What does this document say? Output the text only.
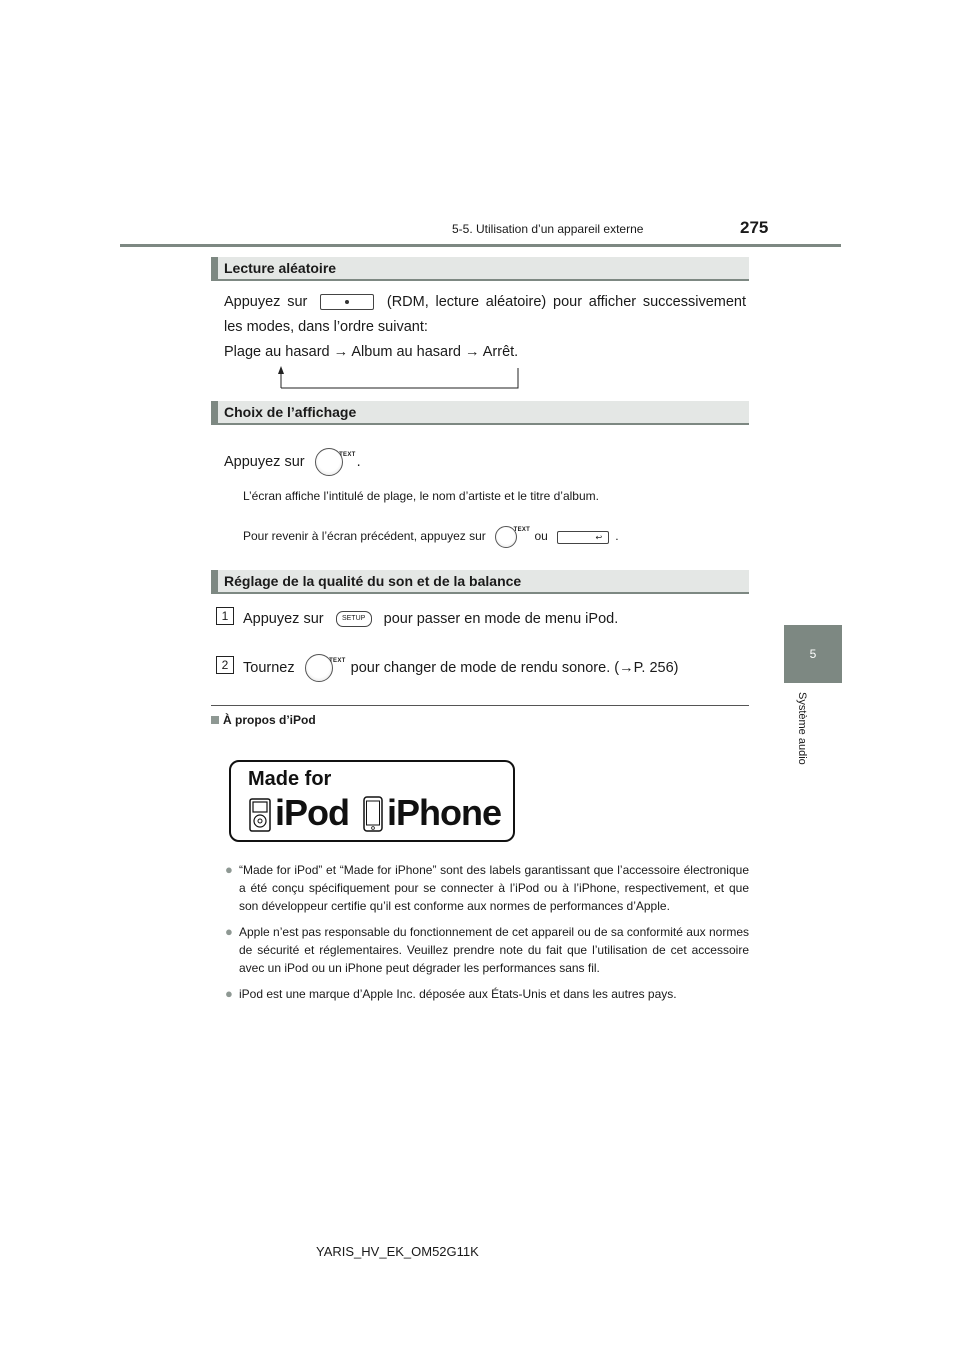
5-5. Utilisation d’un appareil externe	275
5
Système audio
Lecture aléatoire
Appuyez sur	(RDM, lecture aléatoire) pour afficher successivement les modes, dans l’ordre suivant:
Plage au hasard → Album au hasard → Arrêt.
Choix de l’affichage
Appuyez sur	TEXT .
L’écran affiche l’intitulé de plage, le nom d’artiste et le titre d’album.
Pour revenir à l’écran précédent, appuyez sur	TEXT ou	↩ .
Réglage de la qualité du son et de la balance
1	Appuyez sur	SETUP pour passer en mode de menu iPod.
2	Tournez	TEXT pour changer de mode de rendu sonore. (→P. 256)
À propos d’iPod
Made for
iPod iPhone
● “Made for iPod” et “Made for iPhone” sont des labels garantissant que l’accessoire électronique a été conçu spécifiquement pour se connecter à l’iPod ou à l’iPhone, respectivement, et que son développeur certifie qu’il est conforme aux normes de performances d’Apple.
● Apple n’est pas responsable du fonctionnement de cet appareil ou de sa conformité aux normes de sécurité et réglementaires. Veuillez prendre note du fait que l’utilisation de cet accessoire avec un iPod ou un iPhone peut dégrader les performances sans fil.
● iPod est une marque d’Apple Inc. déposée aux États-Unis et dans les autres pays.
YARIS_HV_EK_OM52G11K
